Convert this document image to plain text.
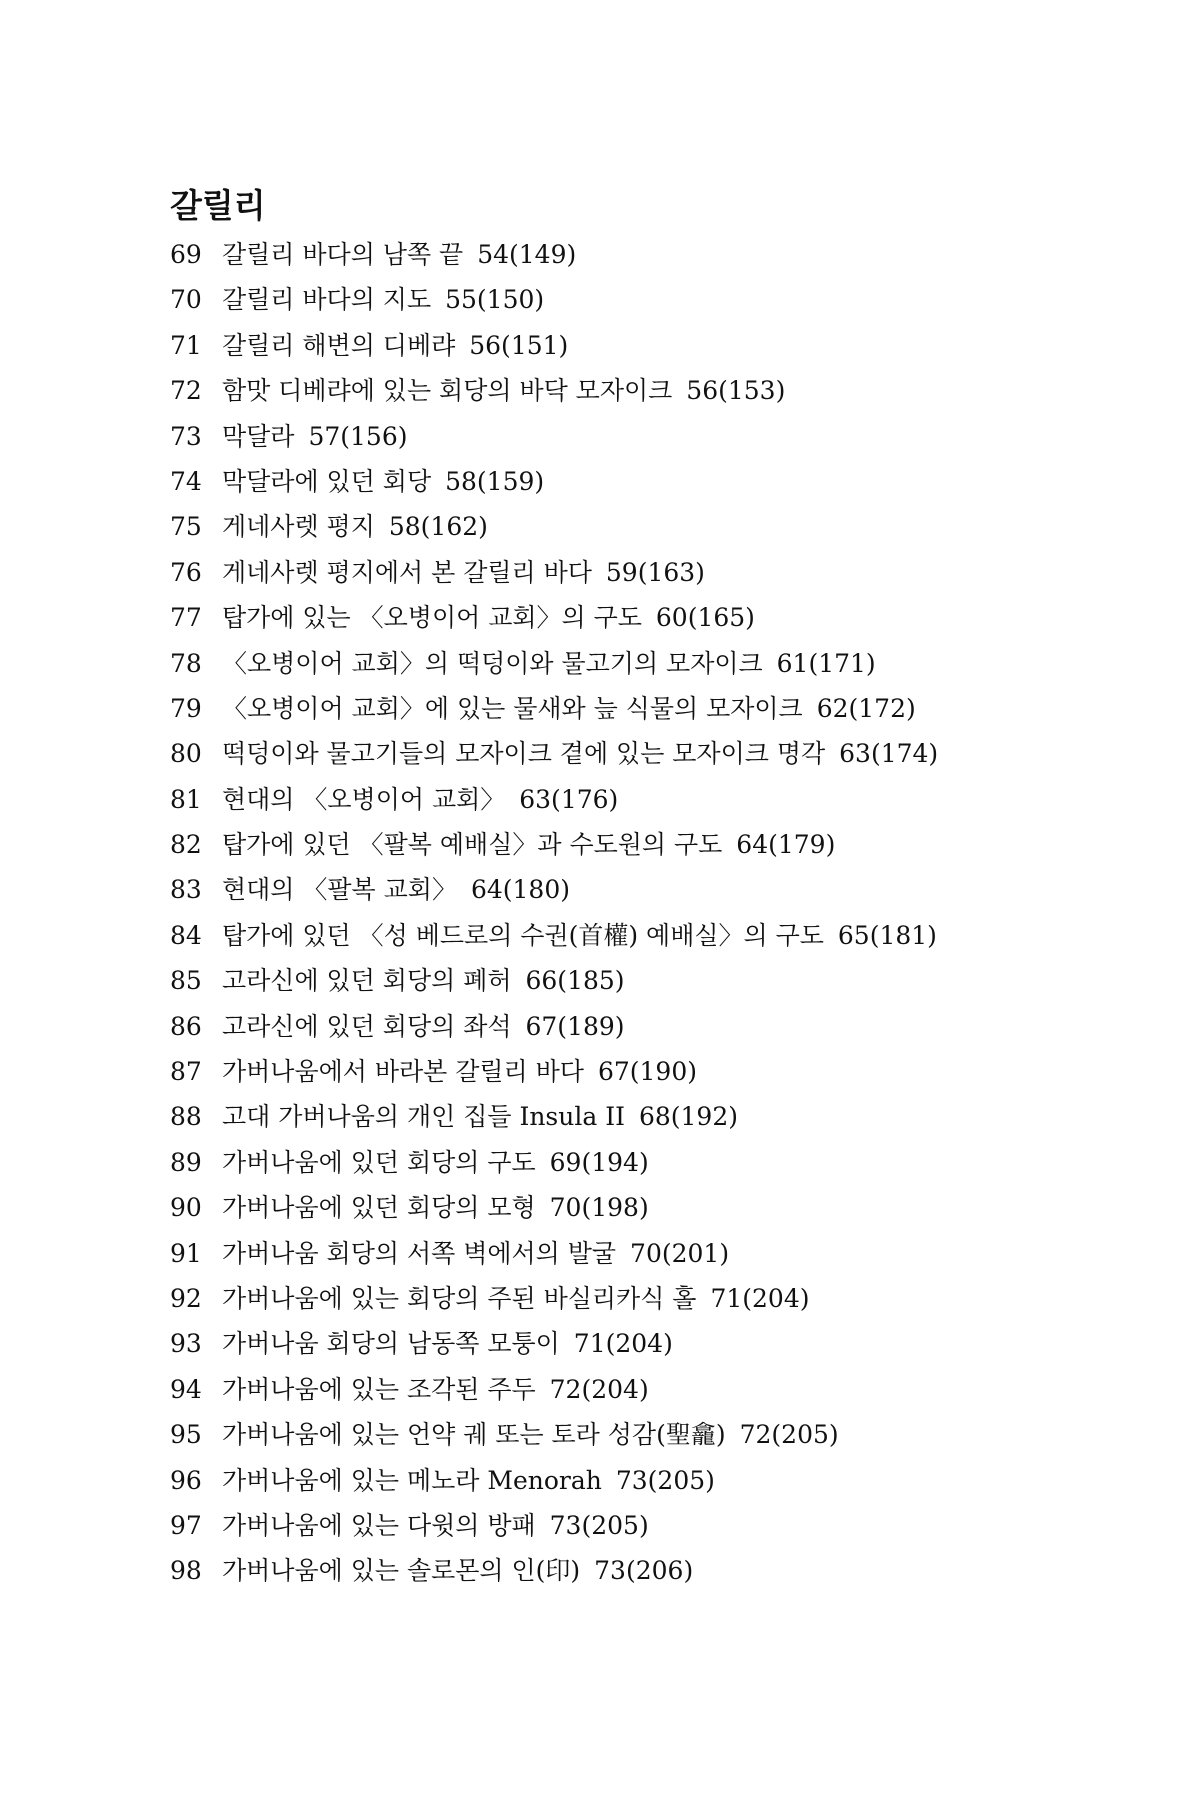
갈릴리
69 갈릴리 바다의 남쪽 끝 54(149)
70 갈릴리 바다의 지도 55(150)
71 갈릴리 해변의 디베랴 56(151)
72 함맛 디베랴에 있는 회당의 바닥 모자이크 56(153)
73 막달라 57(156)
74 막달라에 있던 회당 58(159)
75 게네사렛 평지 58(162)
76 게네사렛 평지에서 본 갈릴리 바다 59(163)
77 탑가에 있는 〈오병이어 교회〉의 구도 60(165)
78 〈오병이어 교회〉의 떡덩이와 물고기의 모자이크 61(171)
79 〈오병이어 교회〉에 있는 물새와 늪 식물의 모자이크 62(172)
80 떡덩이와 물고기들의 모자이크 곁에 있는 모자이크 명각 63(174)
81 현대의 〈오병이어 교회〉 63(176)
82 탑가에 있던 〈팔복 예배실〉과 수도원의 구도 64(179)
83 현대의 〈팔복 교회〉 64(180)
84 탑가에 있던 〈성 베드로의 수권(首權) 예배실〉의 구도 65(181)
85 고라신에 있던 회당의 폐허 66(185)
86 고라신에 있던 회당의 좌석 67(189)
87 가버나움에서 바라본 갈릴리 바다 67(190)
88 고대 가버나움의 개인 집들 Insula II 68(192)
89 가버나움에 있던 회당의 구도 69(194)
90 가버나움에 있던 회당의 모형 70(198)
91 가버나움 회당의 서쪽 벽에서의 발굴 70(201)
92 가버나움에 있는 회당의 주된 바실리카식 홀 71(204)
93 가버나움 회당의 남동쪽 모퉁이 71(204)
94 가버나움에 있는 조각된 주두 72(204)
95 가버나움에 있는 언약 궤 또는 토라 성감(聖龕) 72(205)
96 가버나움에 있는 메노라 Menorah 73(205)
97 가버나움에 있는 다윗의 방패 73(205)
98 가버나움에 있는 솔로몬의 인(印) 73(206)
